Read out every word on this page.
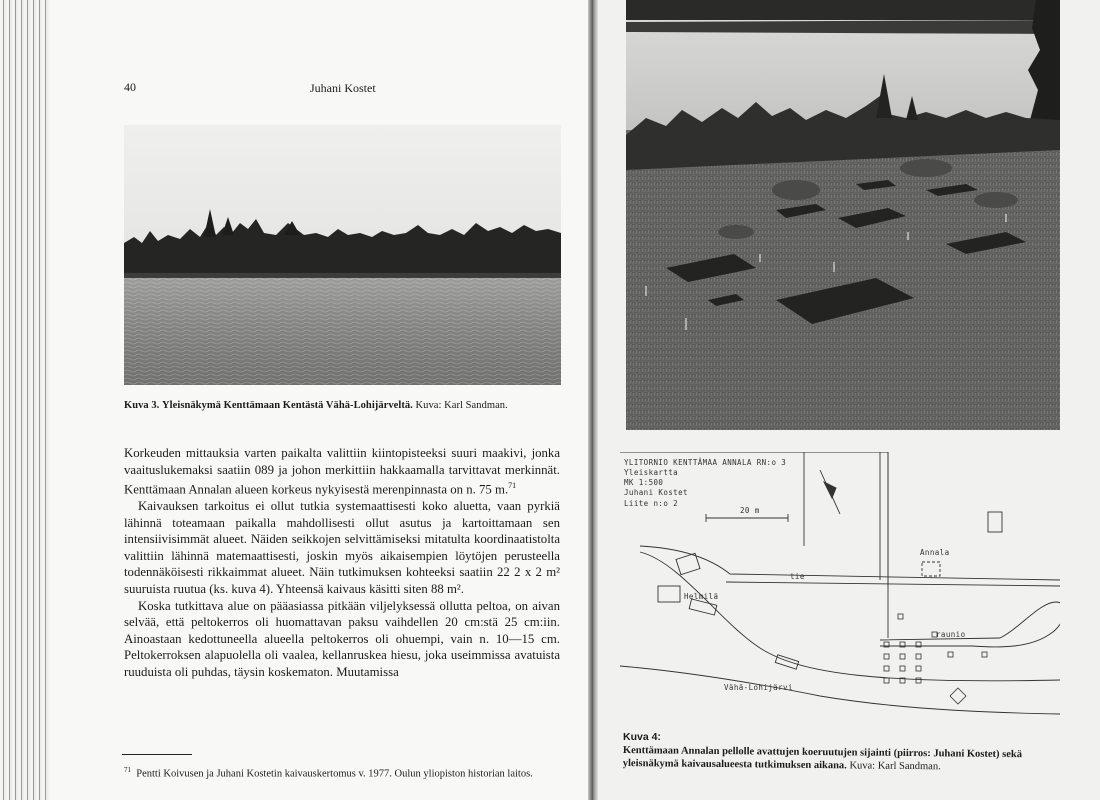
40	Juhani Kostet
Kuva 3. Yleisnäkymä Kenttämaan Kentästä Vähä-Lohijärveltä. Kuva: Karl Sandman.

Korkeuden mittauksia varten paikalta valittiin kiintopisteeksi suuri maakivi, jonka vaaituslukemaksi saatiin 089 ja johon merkittiin hakkaamalla tarvittavat merkinnät. Kenttämaan Annalan alueen korkeus nykyisestä merenpinnasta on n. 75 m.$^{71}$

Kaivauksen tarkoitus ei ollut tutkia systemaattisesti koko aluetta, vaan pyrkiä lähinnä toteamaan paikalla mahdollisesti ollut asutus ja kartoittamaan sen intensiivisimmät alueet. Näiden seikkojen selvittämiseksi mitatulta koordinaatistolta valittiin lähinnä matemaattisesti, joskin myös aikaisempien löytöjen perusteella todennäköisesti rikkaimmat alueet. Näin tutkimuksen kohteeksi saatiin 22 2 x 2 m² suuruista ruutua (ks. kuva 4). Yhteensä kaivaus käsitti siten 88 m².

Koska tutkittava alue on pääasiassa pitkään viljelyksessä ollutta peltoa, on aivan selvää, että peltokerros oli huomattavan paksu vaihdellen 20 cm:stä 25 cm:iin. Ainoastaan kedottuneella alueella peltokerros oli ohuempi, vain n. 10—15 cm. Peltokerroksen alapuolella oli vaalea, kellanruskea hiesu, joka useimmissa avatuista ruuduista oli puhdas, täysin koskematon. Muutamissa

$^{71}$ Pentti Koivusen ja Juhani Kostetin kaivauskertomus v. 1977. Oulun yliopiston historian laitos.
YLITORNIO KENTTÄMAA ANNALA RN:o 3
Yleiskartta
MK 1:500
Juhani Kostet
Liite n:o 2
20 m
Annala
tie
Helmilä
raunio
Vähä-Lohijärvi
Kuva 4:
Kenttämaan Annalan pellolle avattujen koeruutujen sijainti (piirros: Juhani Kostet) sekä yleisnäkymä kaivausalueesta tutkimuksen aikana. Kuva: Karl Sandman.
